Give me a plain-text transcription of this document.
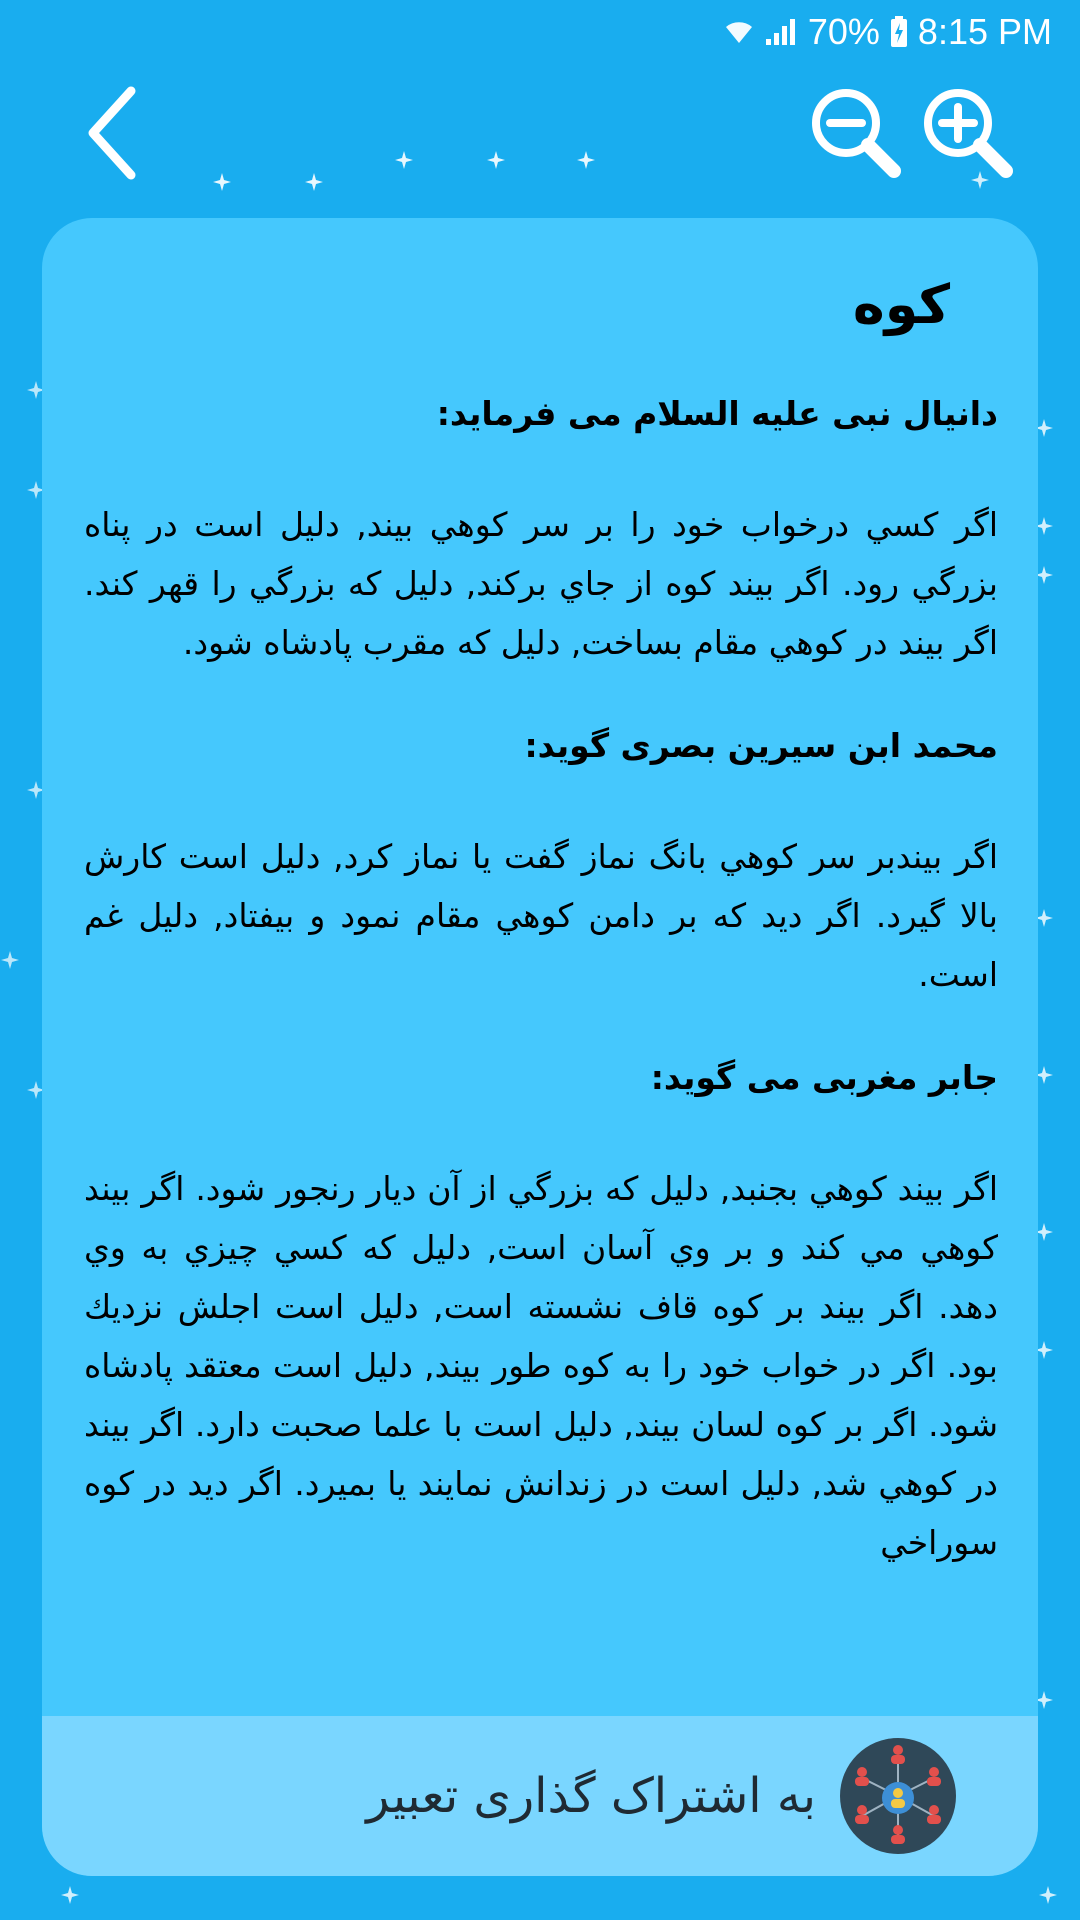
70% 8:15 PM
کوه
دانیال نبی علیه السلام می فرماید:

اگر كسي درخواب خود را بر سر كوهي بيند, دليل است در پناه بزرگي رود. اگر بيند كوه از جاي بركند, دليل كه بزرگي را قهر كند. اگر بيند در كوهي مقام بساخت, دليل كه مقرب پادشاه شود.

محمد ابن سیرین بصری گوید:

اگر بيندبر سر كوهي بانگ نماز گفت يا نماز كرد, دليل است كارش بالا گيرد. اگر ديد كه بر دامن كوهي مقام نمود و بيفتاد, دليل غم است.

جابر مغربی می گوید:

اگر بيند كوهي بجنبد, دليل كه بزرگي از آن ديار رنجور شود. اگر بيند كوهي مي كند و بر وي آسان است, دليل كه كسي چيزي به وي دهد. اگر بيند بر كوه قاف نشسته است, دليل است اجلش نزديك بود. اگر در خواب خود را به كوه طور بيند, دليل است معتقد پادشاه شود. اگر بر كوه لسان بيند, دليل است با علما صحبت دارد. اگر بيند در كوهي شد, دليل است در زندانش نمايند يا بميرد. اگر ديد در كوه سوراخي

به اشتراک گذاری تعبیر
